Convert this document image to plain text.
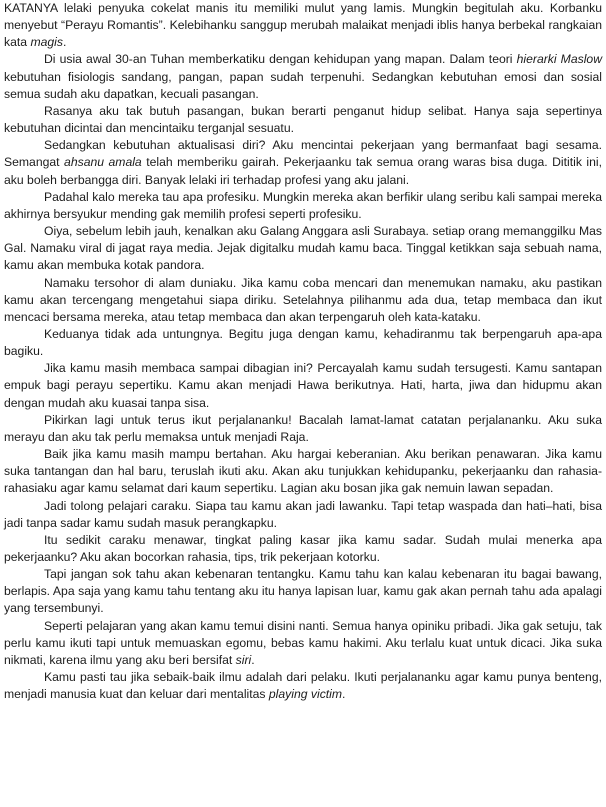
KATANYA lelaki penyuka cokelat manis itu memiliki mulut yang lamis. Mungkin begitulah aku. Korbanku menyebut “Perayu Romantis”. Kelebihanku sanggup merubah malaikat menjadi iblis hanya berbekal rangkaian kata magis.

Di usia awal 30-an Tuhan memberkatiku dengan kehidupan yang mapan. Dalam teori hierarki Maslow kebutuhan fisiologis sandang, pangan, papan sudah terpenuhi. Sedangkan kebutuhan emosi dan sosial semua sudah aku dapatkan, kecuali pasangan.

Rasanya aku tak butuh pasangan, bukan berarti penganut hidup selibat. Hanya saja sepertinya kebutuhan dicintai dan mencintaiku terganjal sesuatu.

Sedangkan kebutuhan aktualisasi diri? Aku mencintai pekerjaan yang bermanfaat bagi sesama. Semangat ahsanu amala telah memberiku gairah. Pekerjaanku tak semua orang waras bisa duga. Dititik ini, aku boleh berbangga diri. Banyak lelaki iri terhadap profesi yang aku jalani.

Padahal kalo mereka tau apa profesiku. Mungkin mereka akan berfikir ulang seribu kali sampai mereka akhirnya bersyukur mending gak memilih profesi seperti profesiku.

Oiya, sebelum lebih jauh, kenalkan aku Galang Anggara asli Surabaya. setiap orang memanggilku Mas Gal. Namaku viral di jagat raya media. Jejak digitalku mudah kamu baca. Tinggal ketikkan saja sebuah nama, kamu akan membuka kotak pandora.

Namaku tersohor di alam duniaku. Jika kamu coba mencari dan menemukan namaku, aku pastikan kamu akan tercengang mengetahui siapa diriku. Setelahnya pilihanmu ada dua, tetap membaca dan ikut mencaci bersama mereka, atau tetap membaca dan akan terpengaruh oleh kata-kataku.

Keduanya tidak ada untungnya. Begitu juga dengan kamu, kehadiranmu tak berpengaruh apa-apa bagiku.

Jika kamu masih membaca sampai dibagian ini? Percayalah kamu sudah tersugesti. Kamu santapan empuk bagi perayu sepertiku. Kamu akan menjadi Hawa berikutnya. Hati, harta, jiwa dan hidupmu akan dengan mudah aku kuasai tanpa sisa.

Pikirkan lagi untuk terus ikut perjalananku! Bacalah lamat-lamat catatan perjalananku. Aku suka merayu dan aku tak perlu memaksa untuk menjadi Raja.

Baik jika kamu masih mampu bertahan. Aku hargai keberanian. Aku berikan penawaran. Jika kamu suka tantangan dan hal baru, teruslah ikuti aku. Akan aku tunjukkan kehidupanku, pekerjaanku dan rahasia-rahasiaku agar kamu selamat dari kaum sepertiku. Lagian aku bosan jika gak nemuin lawan sepadan.

Jadi tolong pelajari caraku. Siapa tau kamu akan jadi lawanku. Tapi tetap waspada dan hati–hati, bisa jadi tanpa sadar kamu sudah masuk perangkapku.

Itu sedikit caraku menawar, tingkat paling kasar jika kamu sadar. Sudah mulai menerka apa pekerjaanku? Aku akan bocorkan rahasia, tips, trik pekerjaan kotorku.

Tapi jangan sok tahu akan kebenaran tentangku. Kamu tahu kan kalau kebenaran itu bagai bawang, berlapis. Apa saja yang kamu tahu tentang aku itu hanya lapisan luar, kamu gak akan pernah tahu ada apalagi yang tersembunyi.

Seperti pelajaran yang akan kamu temui disini nanti. Semua hanya opiniku pribadi. Jika gak setuju, tak perlu kamu ikuti tapi untuk memuaskan egomu, bebas kamu hakimi. Aku terlalu kuat untuk dicaci. Jika suka nikmati, karena ilmu yang aku beri bersifat siri.

Kamu pasti tau jika sebaik-baik ilmu adalah dari pelaku. Ikuti perjalananku agar kamu punya benteng, menjadi manusia kuat dan keluar dari mentalitas playing victim.
